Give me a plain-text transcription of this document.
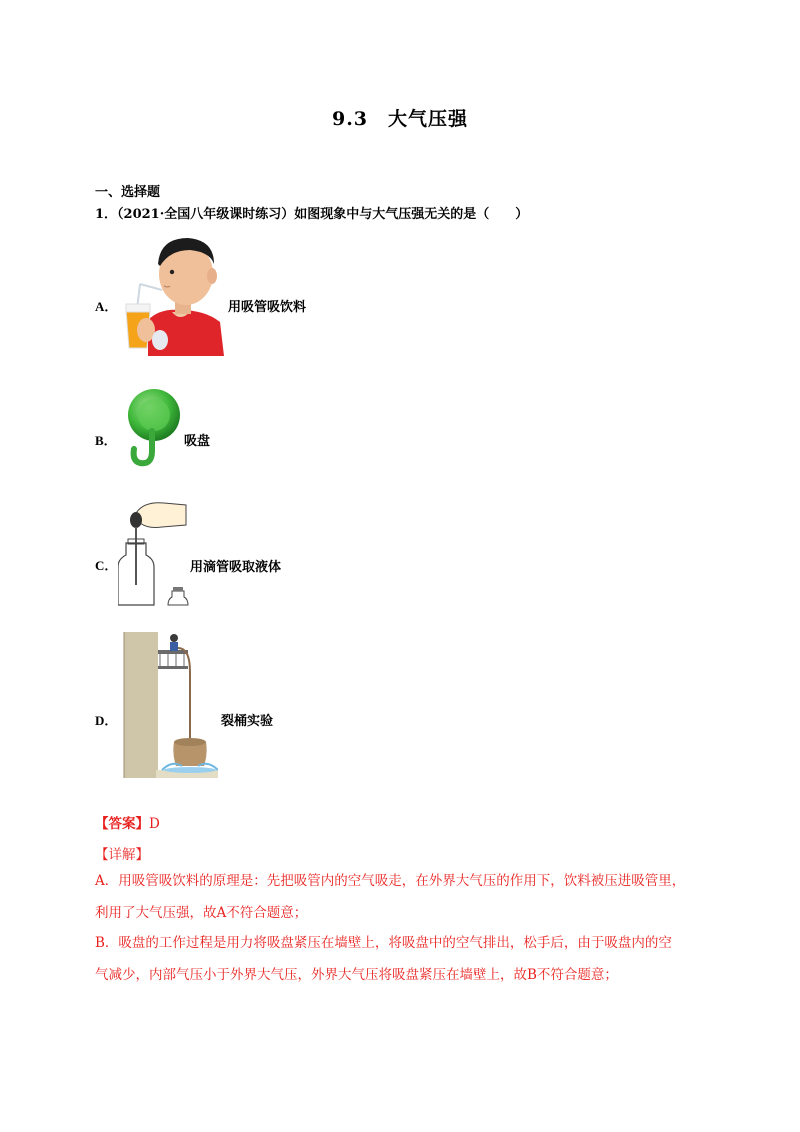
9.3　大气压强
一、选择题
1．（2021·全国八年级课时练习）如图现象中与大气压强无关的是（　　）
A．	用吸管吸饮料
B．	吸盘
C．	用滴管吸取液体
D．	裂桶实验
【答案】D
【详解】
A．用吸管吸饮料的原理是：先把吸管内的空气吸走，在外界大气压的作用下，饮料被压进吸管里，
利用了大气压强，故A不符合题意；
B．吸盘的工作过程是用力将吸盘紧压在墙壁上，将吸盘中的空气排出，松手后，由于吸盘内的空
气减少，内部气压小于外界大气压，外界大气压将吸盘紧压在墙壁上，故B不符合题意；
